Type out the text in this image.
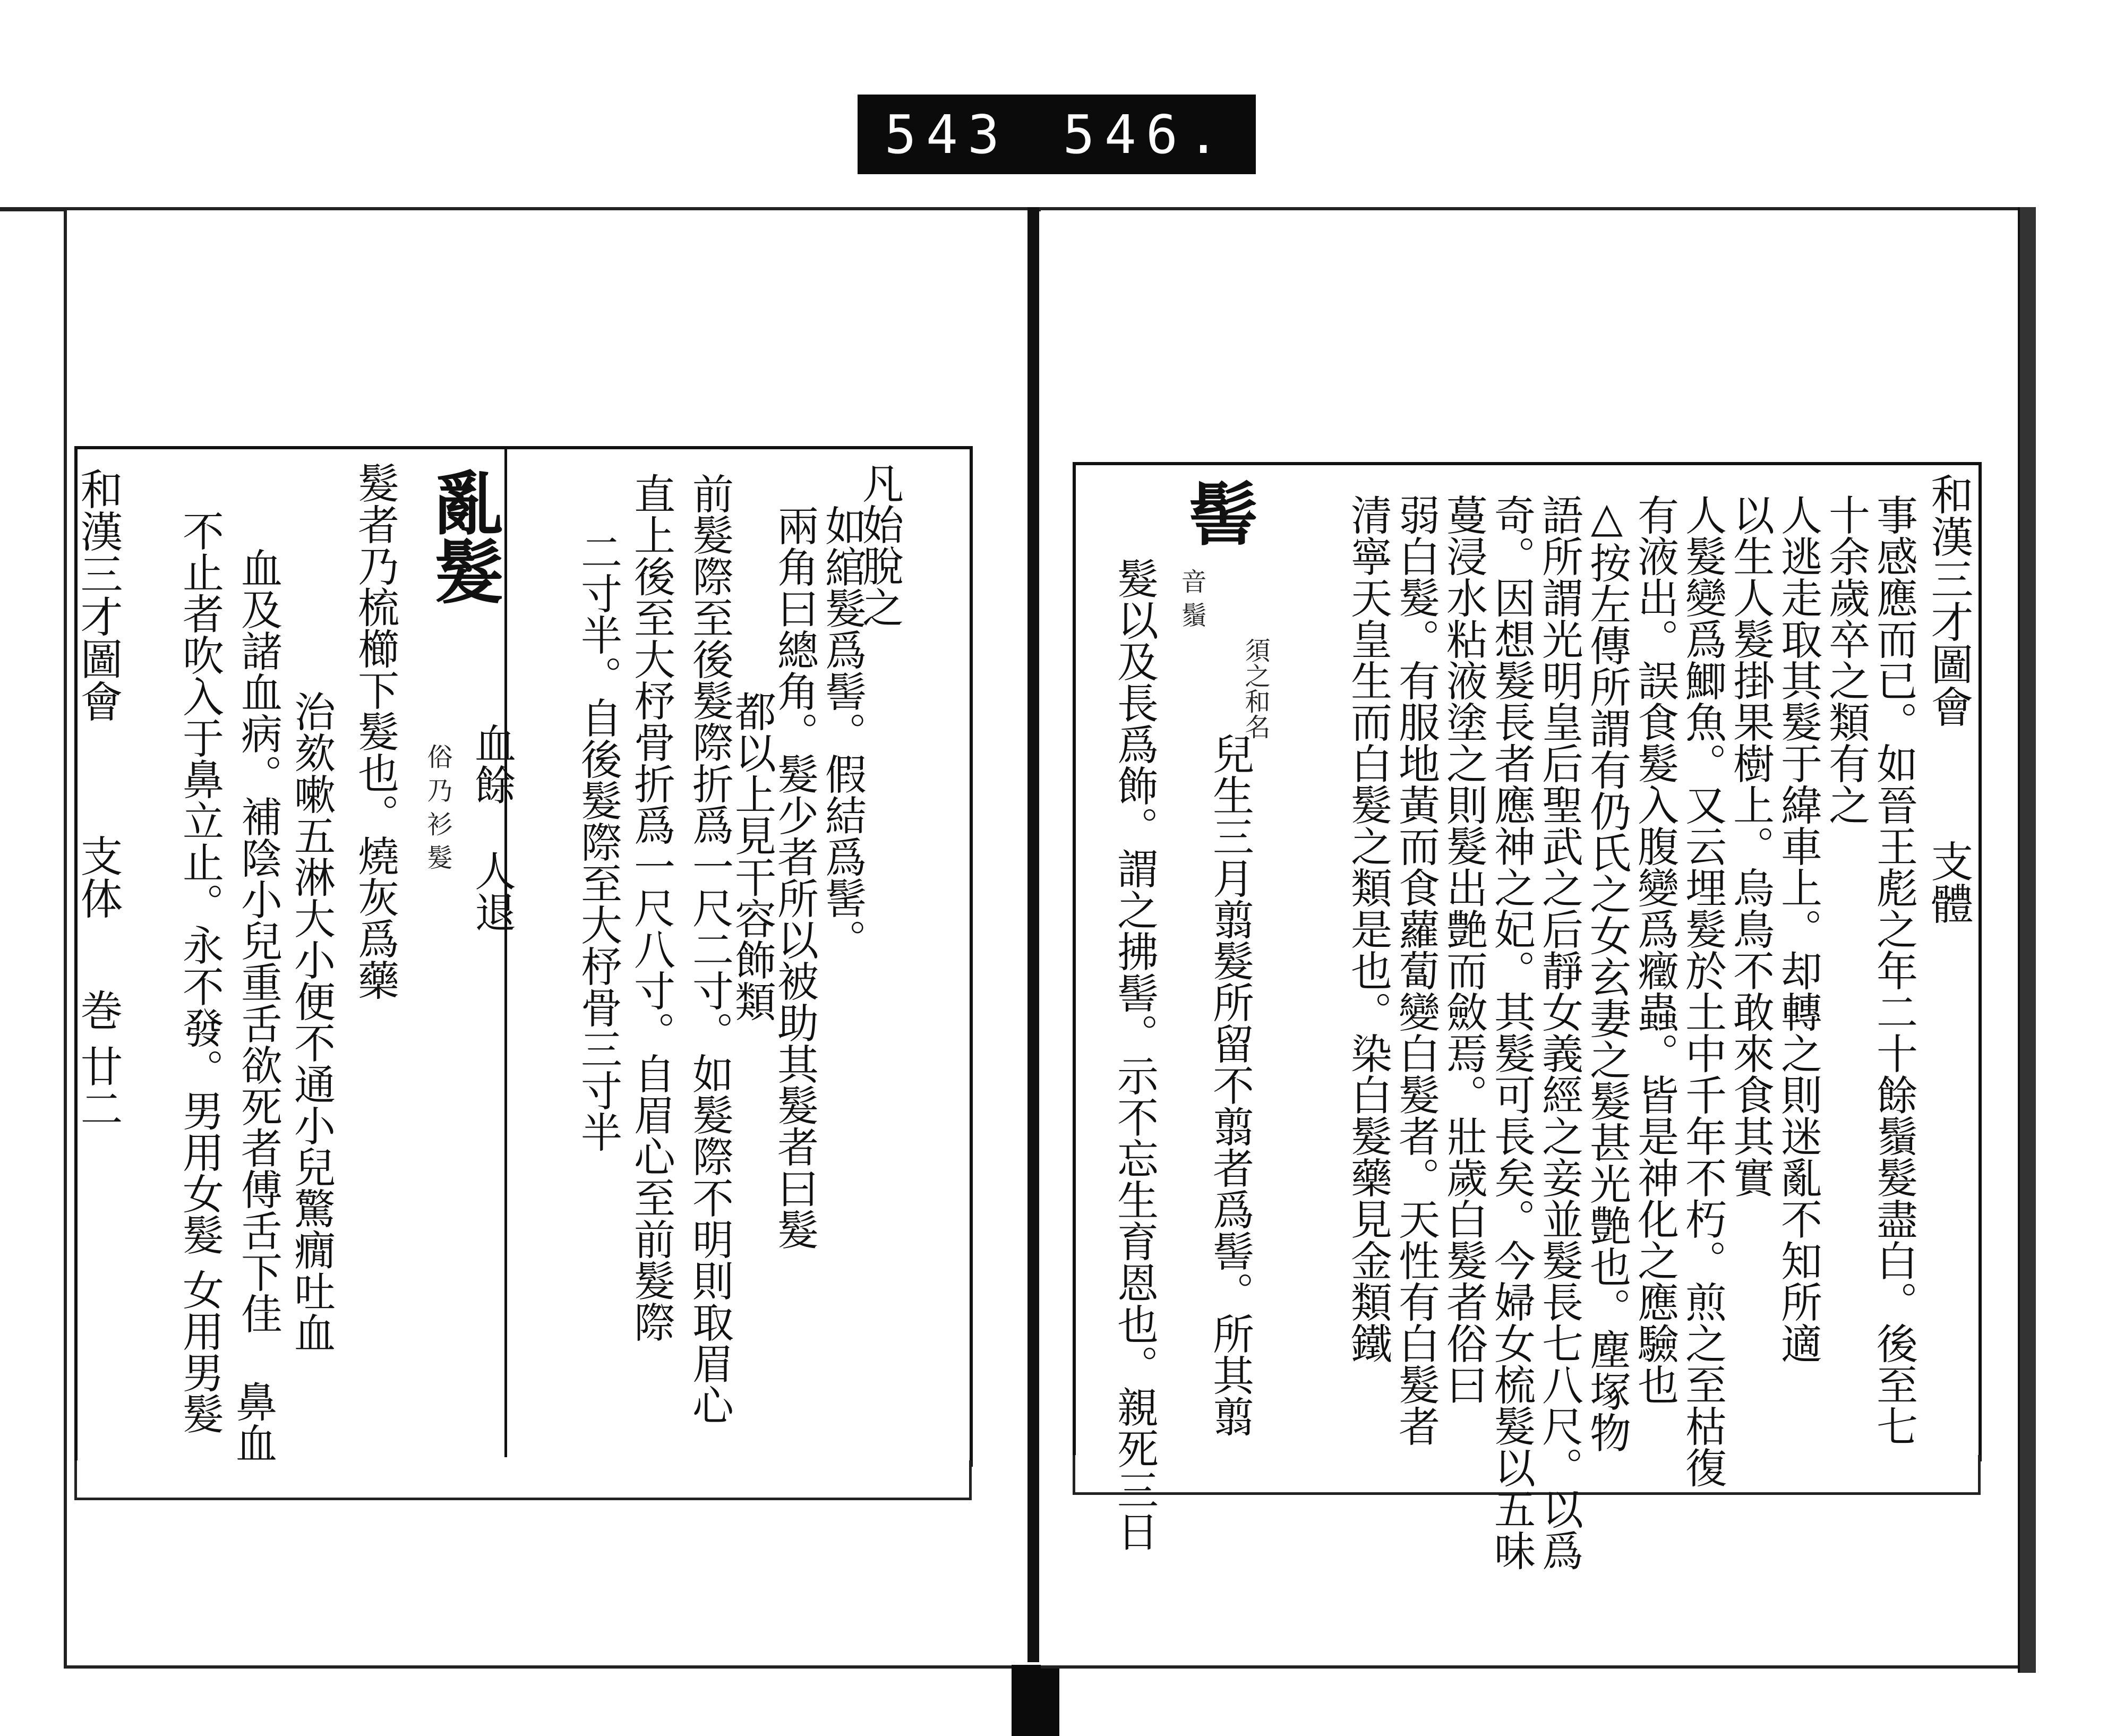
543 546.
和漢三才圖會 　　 支体 　 巻 廿二
凡始脫之
如綰髮爲髻。假結爲髺。
兩角曰總角。髮少者所以被助其髮者曰髮
都以上見干容飾類
前髮際至後髮際折爲一尺二寸。如髮際不明則取眉心
直上後至大杼骨折爲一尺八寸。自眉心至前髮際
二寸半。自後髮際至大杼骨三寸半
亂髮
血餘
人退
俗 乃 衫 髮
髮者乃梳櫛下髮也。燒灰爲藥
治欬嗽五淋大小便不通小兒驚癇吐血
血及諸血病。補陰小兒重舌欲死者傅舌下佳
不止者吹入于鼻立止。永不發。男用女髮 女用男髮 鼻血
和漢三才圖會 　　 支體
事感應而已。如晉王彪之年二十餘鬚髮盡白。後至七
十余歲卒之類有之
人逃走取其髮于緯車上。却轉之則迷亂不知所適
以生人髮掛果樹上。烏鳥不敢來食其實
人髮變爲鯽魚。又云埋髮於土中千年不朽。煎之至枯復
有液出。誤食髮入腹變爲癥蟲。皆是神化之應驗也
△按左傳所謂有仍氏之女玄妻之髮甚光艶也。塵塚物
語所謂光明皇后聖武之后靜女義經之妾並髮長七八尺。以爲
奇。因想髮長者應神之妃。其髮可長矣。今婦女梳髮以五味
蔓浸水粘液塗之則髮出艶而斂焉。壯歲白髮者俗曰
弱白髮。有服地黃而食蘿蔔變白髮者。天性有白髮者
清寧天皇生而白髮之類是也。染白髮藥見金類鐵
髻
音 鬚
須之和名
兒生三月翦髮所留不翦者爲髻。所其翦
髮以及長爲飾。謂之拂髻。示不忘生育恩也。親死三日
